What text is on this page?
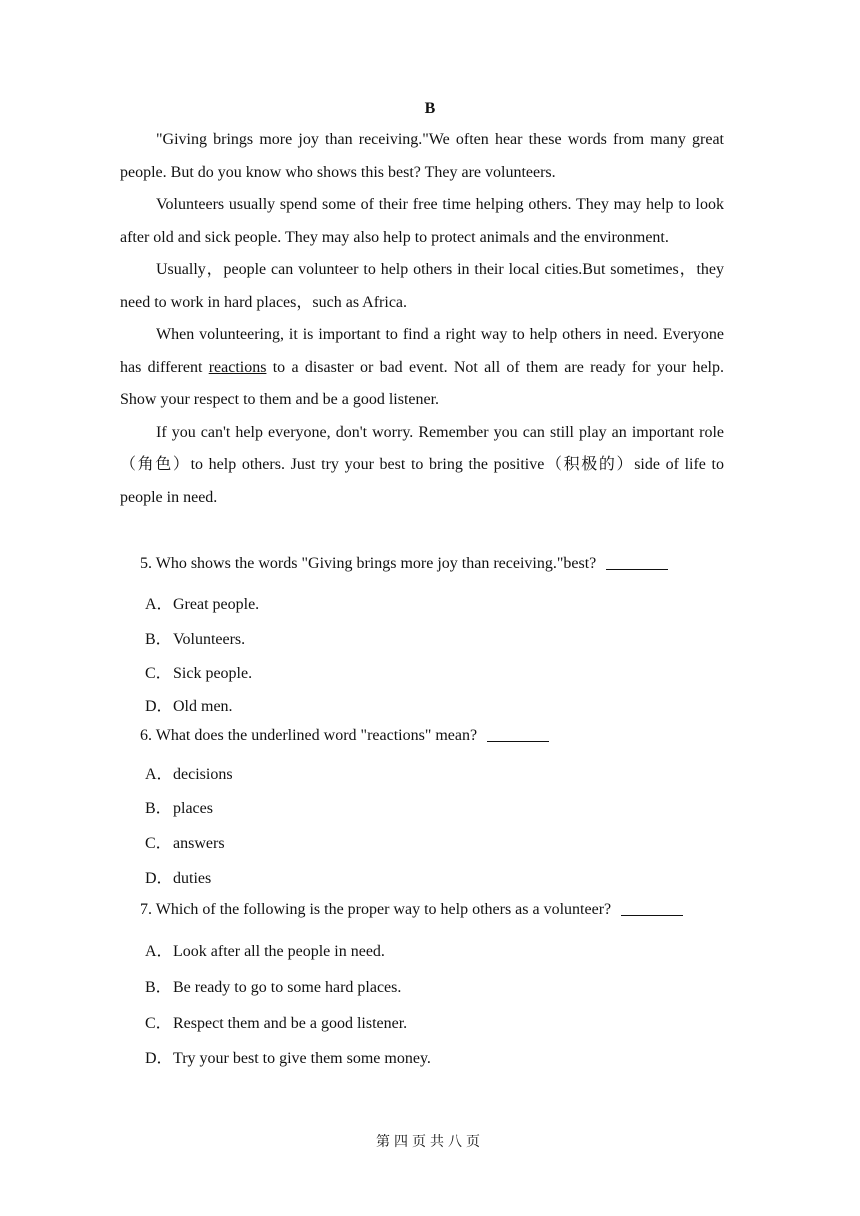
B

"Giving brings more joy than receiving."We often hear these words from many great people. But do you know who shows this best? They are volunteers.

Volunteers usually spend some of their free time helping others. They may help to look after old and sick people. They may also help to protect animals and the environment.

Usually，people can volunteer to help others in their local cities.But sometimes，they need to work in hard places，such as Africa.

When volunteering, it is important to find a right way to help others in need. Everyone has different reactions to a disaster or bad event. Not all of them are ready for your help. Show your respect to them and be a good listener.

If you can't help everyone, don't worry. Remember you can still play an important role（角色）to help others. Just try your best to bring the positive（积极的）side of life to people in need.

5. Who shows the words "Giving brings more joy than receiving."best?
A．Great people.
B．Volunteers.
C．Sick people.
D．Old men.
6. What does the underlined word "reactions" mean?
A．decisions
B．places
C．answers
D．duties
7. Which of the following is the proper way to help others as a volunteer?
A．Look after all the people in need.
B．Be ready to go to some hard places.
C．Respect them and be a good listener.
D．Try your best to give them some money.
第四页共八页
